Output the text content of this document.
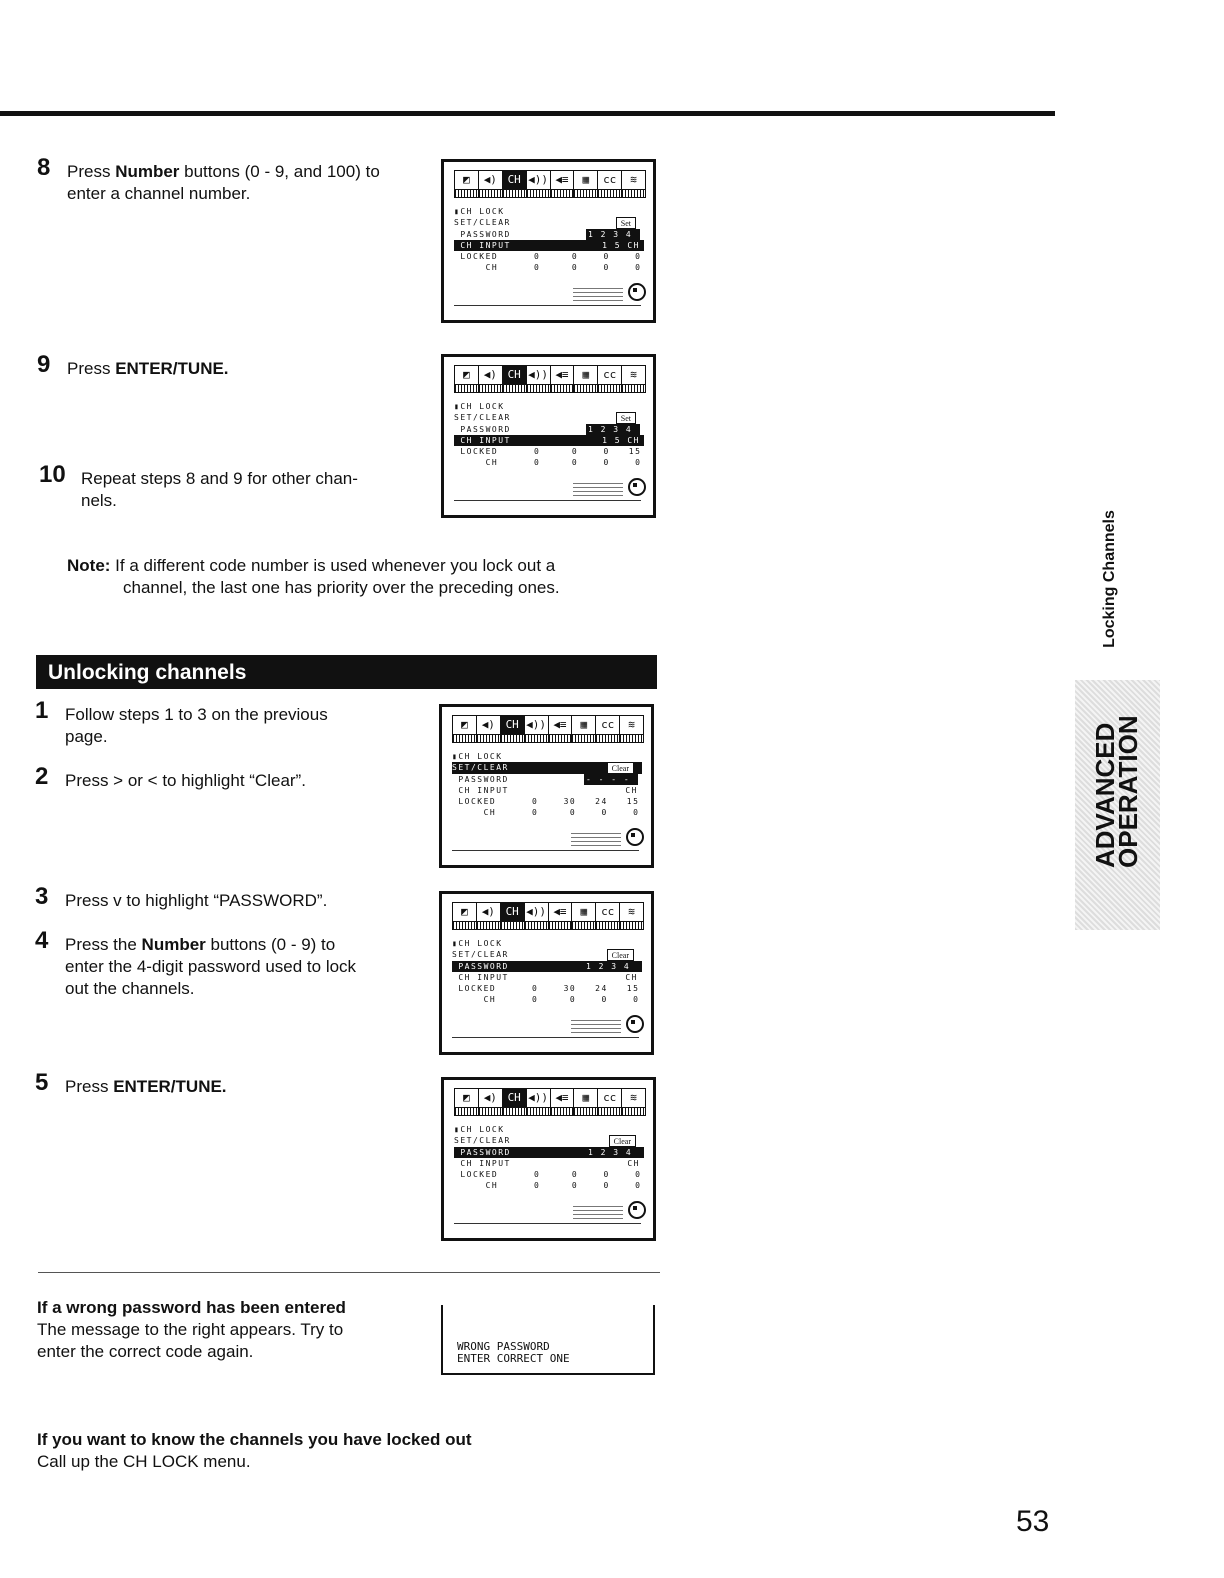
8 Press Number buttons (0 - 9, and 100) to
enter a channel number.
9 Press ENTER/TUNE.
10 Repeat steps 8 and 9 for other chan-
nels.
Note: If a different code number is used whenever you lock out a
channel, the last one has priority over the preceding ones.
Unlocking channels
1 Follow steps 1 to 3 on the previous
page.
2 Press > or < to highlight “Clear”.
3 Press v to highlight “PASSWORD”.
4 Press the Number buttons (0 - 9) to
enter the 4-digit password used to lock
out the channels.
5 Press ENTER/TUNE.
◩	◀) CH ◀)) ◀≡	▦	cc	≋
▮CH LOCK
SET/CLEAR	Set
PASSWORD	1 2 3 4
CH INPUT	1 5 CH
LOCKED	0     0    0    0
CH	0     0    0    0
◩	◀) CH ◀)) ◀≡	▦	cc	≋
▮CH LOCK
SET/CLEAR	Set
PASSWORD	1 2 3 4
CH INPUT	1 5 CH
LOCKED	0     0    0   15
CH	0     0    0    0
◩	◀) CH ◀)) ◀≡	▦	cc	≋
▮CH LOCK
SET/CLEAR	Clear
PASSWORD	- - - -
CH INPUT	CH
LOCKED	0    30   24   15
CH	0     0    0    0
◩	◀) CH ◀)) ◀≡	▦	cc	≋
▮CH LOCK
SET/CLEAR	Clear
PASSWORD	1 2 3 4
CH INPUT	CH
LOCKED	0    30   24   15
CH	0     0    0    0
◩	◀) CH ◀)) ◀≡	▦	cc	≋
▮CH LOCK
SET/CLEAR	Clear
PASSWORD	1 2 3 4
CH INPUT	CH
LOCKED	0     0    0    0
CH	0     0    0    0
If a wrong password has been entered
The message to the right appears. Try to
enter the correct code again.	WRONG PASSWORD
ENTER CORRECT ONE
If you want to know the channels you have locked out
Call up the CH LOCK menu.
Locking Channels
ADVANCED
OPERATION
53
